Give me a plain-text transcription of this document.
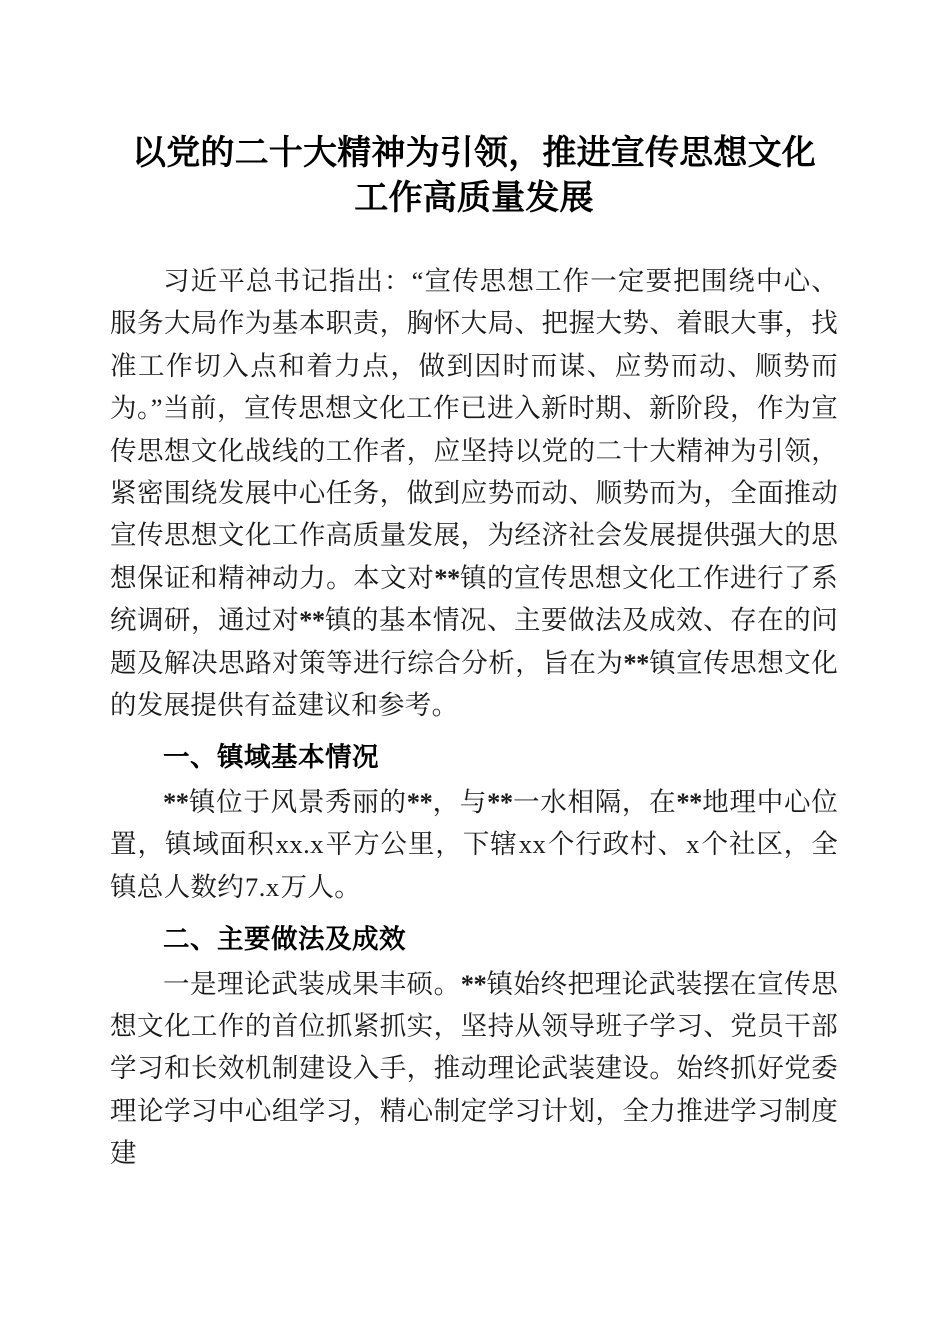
以党的二十大精神为引领，推进宣传思想文化
工作高质量发展

习近平总书记指出：“宣传思想工作一定要把围绕中心、服务大局作为基本职责，胸怀大局、把握大势、着眼大事，找准工作切入点和着力点，做到因时而谋、应势而动、顺势而为。”当前，宣传思想文化工作已进入新时期、新阶段，作为宣传思想文化战线的工作者，应坚持以党的二十大精神为引领，紧密围绕发展中心任务，做到应势而动、顺势而为，全面推动宣传思想文化工作高质量发展，为经济社会发展提供强大的思想保证和精神动力。本文对**镇的宣传思想文化工作进行了系统调研，通过对**镇的基本情况、主要做法及成效、存在的问题及解决思路对策等进行综合分析，旨在为**镇宣传思想文化的发展提供有益建议和参考。

一、镇域基本情况

**镇位于风景秀丽的**，与**一水相隔，在**地理中心位置，镇域面积xx.x平方公里，下辖xx个行政村、x个社区，全镇总人数约7.x万人。

二、主要做法及成效

一是理论武装成果丰硕。**镇始终把理论武装摆在宣传思想文化工作的首位抓紧抓实，坚持从领导班子学习、党员干部学习和长效机制建设入手，推动理论武装建设。始终抓好党委理论学习中心组学习，精心制定学习计划，全力推进学习制度建
